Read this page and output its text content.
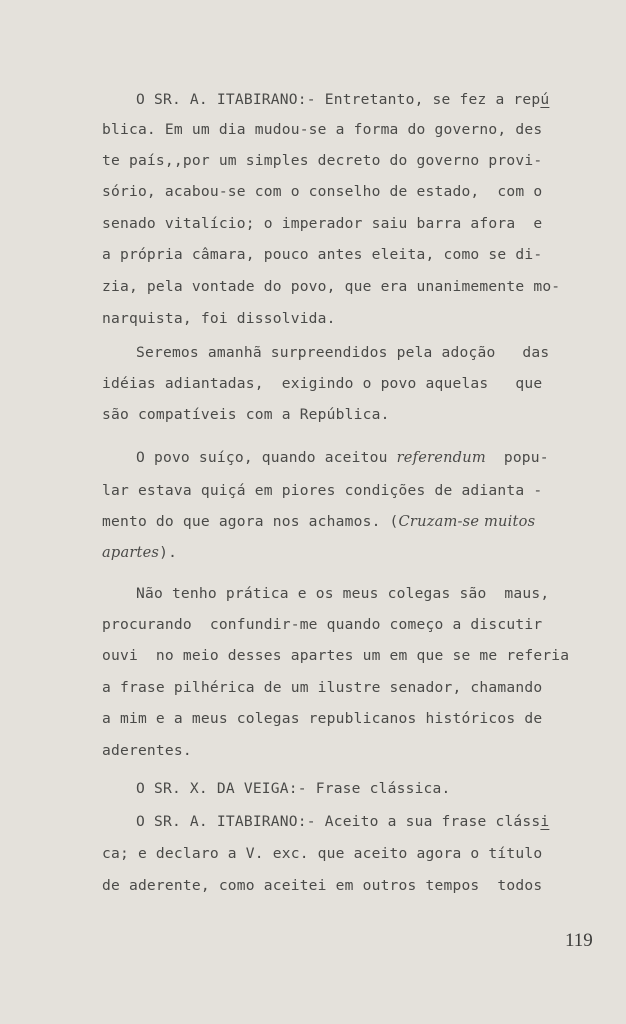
O SR. A. ITABIRANO:- Entretanto, se fez a repú
blica. Em um dia mudou-se a forma do governo, des
te país,,por um simples decreto do governo provi-
sório, acabou-se com o conselho de estado,  com o
senado vitalício; o imperador saiu barra afora  e
a própria câmara, pouco antes eleita, como se di-
zia, pela vontade do povo, que era unanimemente mo-
narquista, foi dissolvida.
Seremos amanhã surpreendidos pela adoção   das
idéias adiantadas,  exigindo o povo aquelas   que
são compatíveis com a República.
O povo suíço, quando aceitou referendum  popu-
lar estava quiçá em piores condições de adianta -
mento do que agora nos achamos. (Cruzam-se muitos
apartes).
Não tenho prática e os meus colegas são  maus,
procurando  confundir-me quando começo a discutir
ouvi  no meio desses apartes um em que se me referia
a frase pilhérica de um ilustre senador, chamando
a mim e a meus colegas republicanos históricos de
aderentes.
O SR. X. DA VEIGA:- Frase clássica.
O SR. A. ITABIRANO:- Aceito a sua frase clássi
ca; e declaro a V. exc. que aceito agora o título
de aderente, como aceitei em outros tempos  todos
119
